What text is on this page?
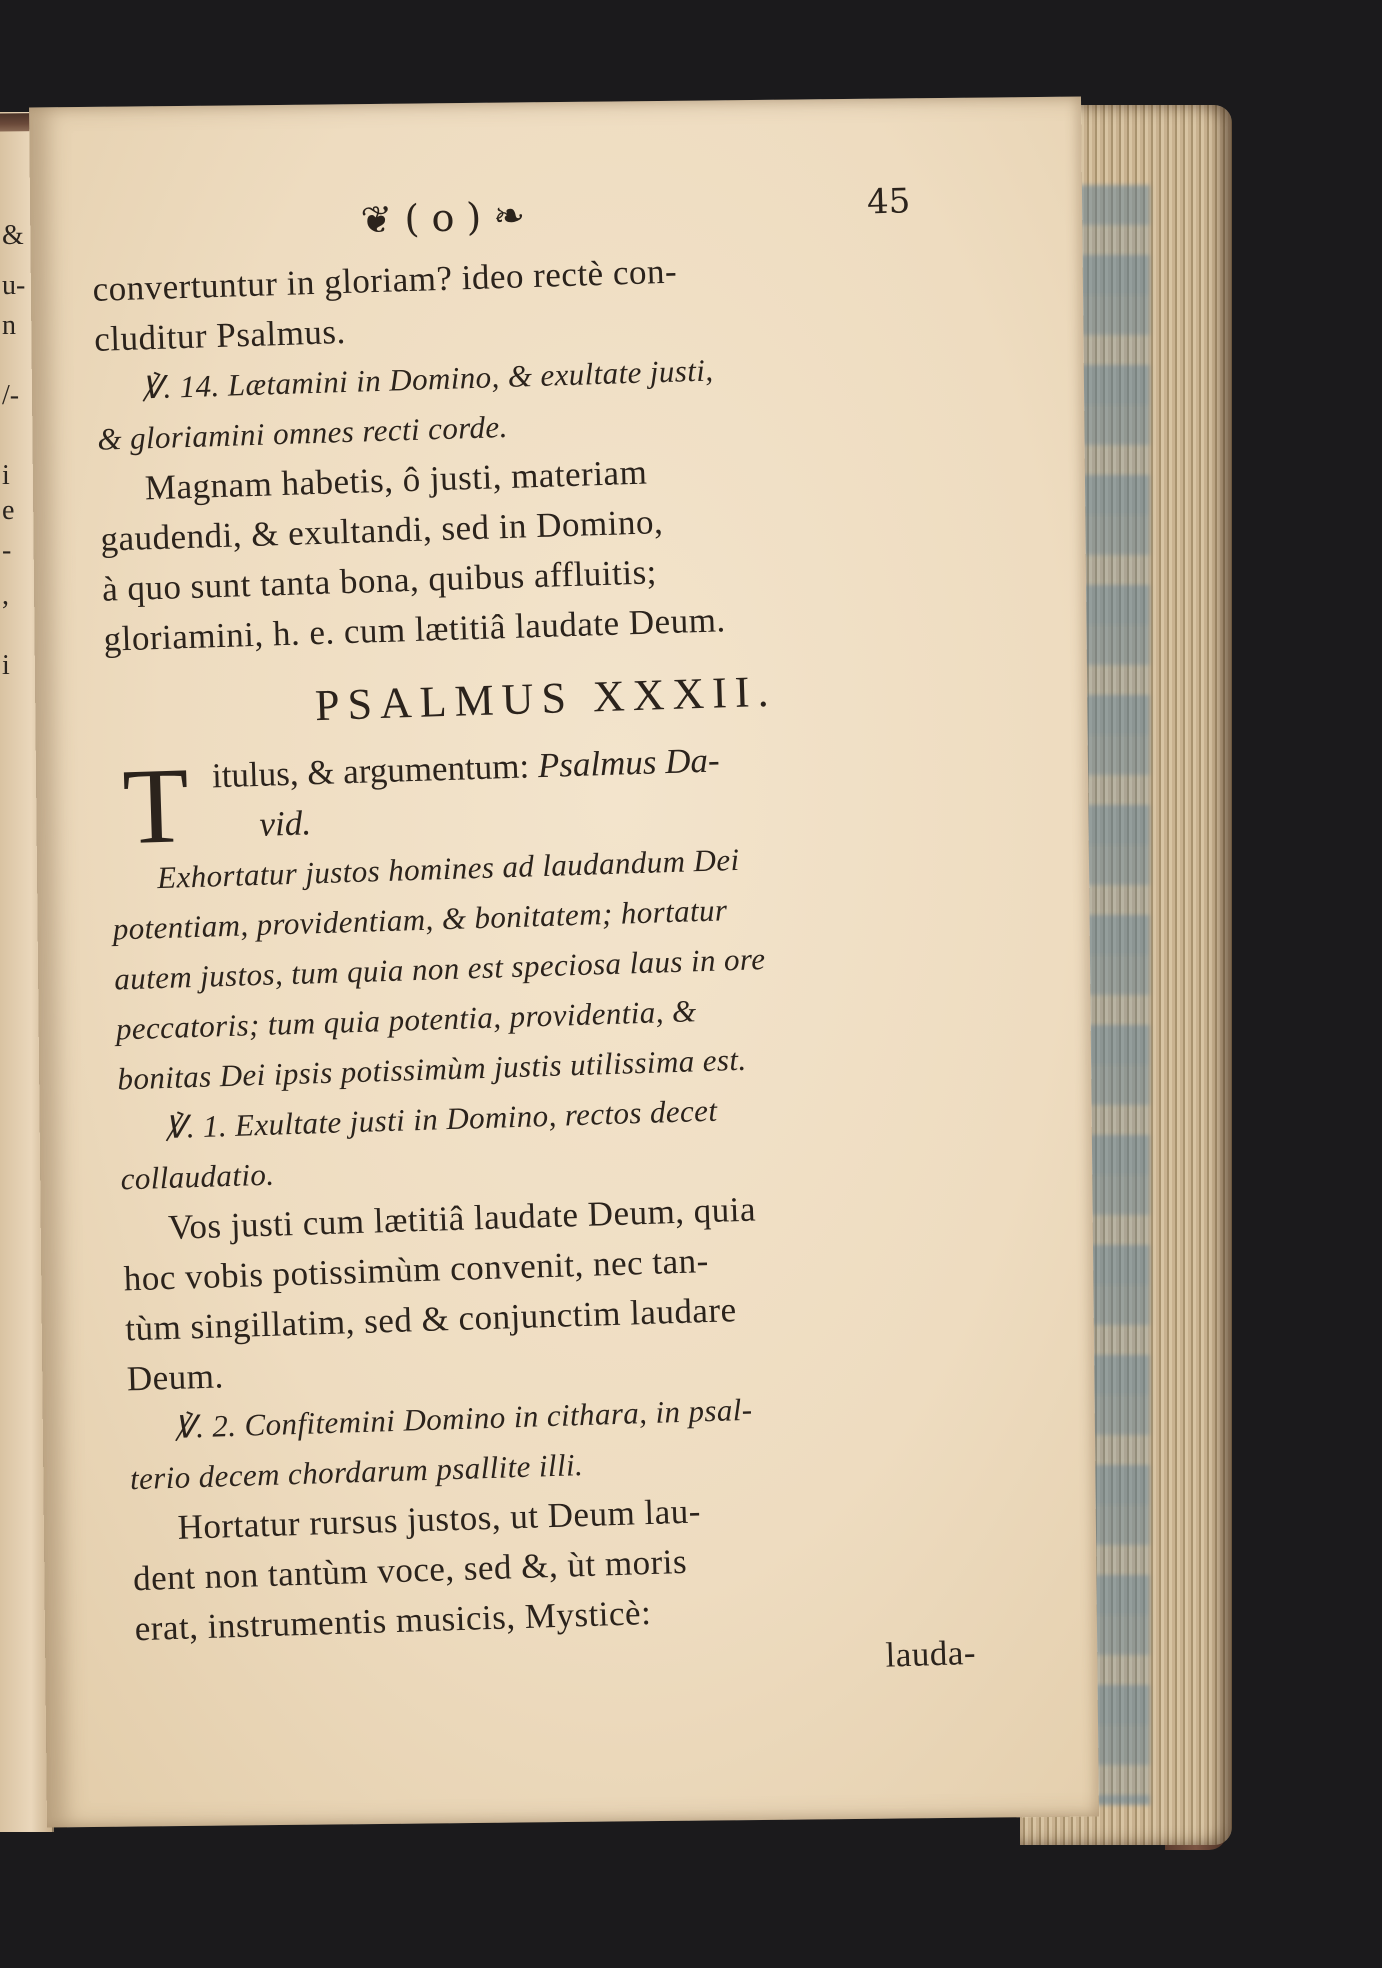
&
u-
n
/-
i
e
-
,
i
❦ ( o ) ❧	45
convertuntur in gloriam? ideo rectè con-
cluditur Psalmus.
℣. 14. Lætamini in Domino, & exultate justi,
& gloriamini omnes recti corde.
Magnam habetis, ô justi, materiam
gaudendi, & exultandi, sed in Domino,
à quo sunt tanta bona, quibus affluitis;
gloriamini, h. e. cum lætitiâ laudate Deum.
PSALMUS XXXII.
T itulus, & argumentum: Psalmus Da-
vid.
Exhortatur justos homines ad laudandum Dei
potentiam, providentiam, & bonitatem; hortatur
autem justos, tum quia non est speciosa laus in ore
peccatoris; tum quia potentia, providentia, &
bonitas Dei ipsis potissimùm justis utilissima est.
℣. 1. Exultate justi in Domino, rectos decet
collaudatio.
Vos justi cum lætitiâ laudate Deum, quia
hoc vobis potissimùm convenit, nec tan-
tùm singillatim, sed & conjunctim laudare
Deum.
℣. 2. Confitemini Domino in cithara, in psal-
terio decem chordarum psallite illi.
Hortatur rursus justos, ut Deum lau-
dent non tantùm voce, sed &, ùt moris
erat, instrumentis musicis, Mysticè:
lauda-
